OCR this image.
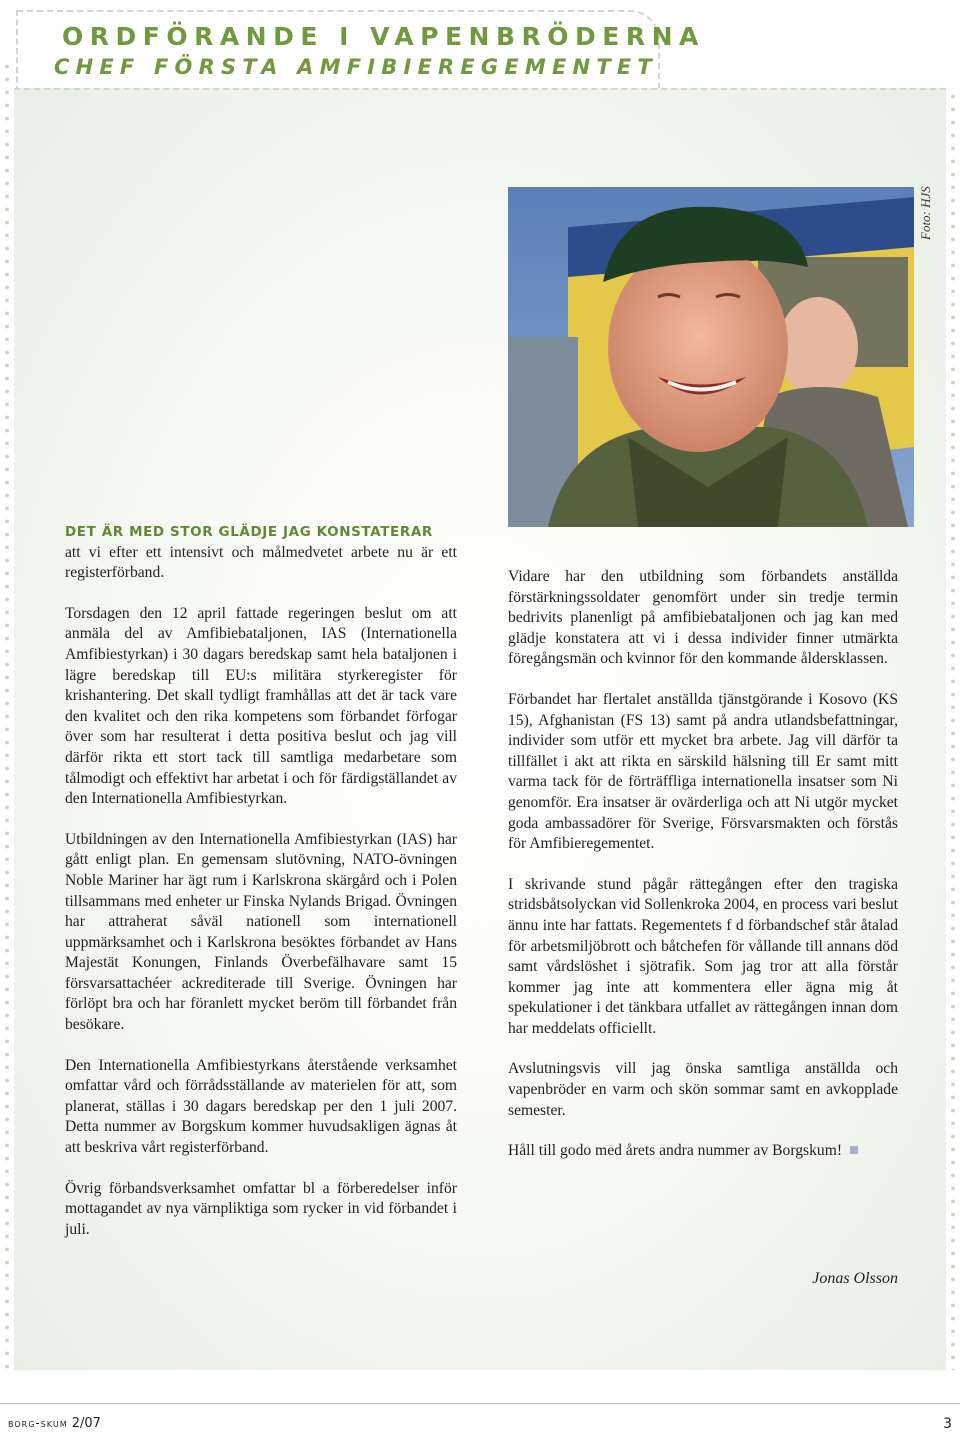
ORDFÖRANDE I VAPENBRÖDERNA
CHEF FÖRSTA AMFIBIEREGEMENTET
Foto: HJS

DET ÄR MED STOR GLÄDJE JAG KONSTATERAR
att vi efter ett intensivt och målmedvetet arbete nu är ett registerförband.

Torsdagen den 12 april fattade regeringen beslut om att anmäla del av Amfibiebataljonen, IAS (Internationella Amfibiestyrkan) i 30 dagars beredskap samt hela bataljonen i lägre beredskap till EU:s militära styrkeregister för krishantering. Det skall tydligt framhållas att det är tack vare den kvalitet och den rika kompetens som förbandet förfogar över som har resulterat i detta positiva beslut och jag vill därför rikta ett stort tack till samtliga medarbetare som tålmodigt och effektivt har arbetat i och för färdigställandet av den Internationella Amfibiestyrkan.

Utbildningen av den Internationella Amfibiestyrkan (IAS) har gått enligt plan. En gemensam slutövning, NATO-övningen Noble Mariner har ägt rum i Karlskrona skärgård och i Polen tillsammans med enheter ur Finska Nylands Brigad. Övningen har attraherat såväl nationell som internationell uppmärksamhet och i Karlskrona besöktes förbandet av Hans Majestät Konungen, Finlands Överbefälhavare samt 15 försvarsattachéer ackrediterade till Sverige. Övningen har förlöpt bra och har föranlett mycket beröm till förbandet från besökare.

Den Internationella Amfibiestyrkans återstående verksamhet omfattar vård och förrådsställande av materielen för att, som planerat, ställas i 30 dagars beredskap per den 1 juli 2007. Detta nummer av Borgskum kommer huvudsakligen ägnas åt att beskriva vårt registerförband.

Övrig förbandsverksamhet omfattar bl a förberedelser inför mottagandet av nya värnpliktiga som rycker in vid förbandet i juli.

Vidare har den utbildning som förbandets anställda förstärkningssoldater genomfört under sin tredje termin bedrivits planenligt på amfibiebataljonen och jag kan med glädje konstatera att vi i dessa individer finner utmärkta föregångsmän och kvinnor för den kommande åldersklassen.

Förbandet har flertalet anställda tjänstgörande i Kosovo (KS 15), Afghanistan (FS 13) samt på andra utlandsbefattningar, individer som utför ett mycket bra arbete. Jag vill därför ta tillfället i akt att rikta en särskild hälsning till Er samt mitt varma tack för de förträffliga internationella insatser som Ni genomför. Era insatser är ovärderliga och att Ni utgör mycket goda ambassadörer för Sverige, Försvarsmakten och förstås för Amfibieregementet.

I skrivande stund pågår rättegången efter den tragiska stridsbåtsolyckan vid Sollenkroka 2004, en process vari beslut ännu inte har fattats. Regementets f d förbandschef står åtalad för arbetsmiljöbrott och båtchefen för vållande till annans död samt vårdslöshet i sjötrafik. Som jag tror att alla förstår kommer jag inte att kommentera eller ägna mig åt spekulationer i det tänkbara utfallet av rättegången innan dom har meddelats officiellt.

Avslutningsvis vill jag önska samtliga anställda och vapenbröder en varm och skön sommar samt en avkopplade semester.

Håll till godo med årets andra nummer av Borgskum!

Jonas Olsson
borg-skum 2/07	3
